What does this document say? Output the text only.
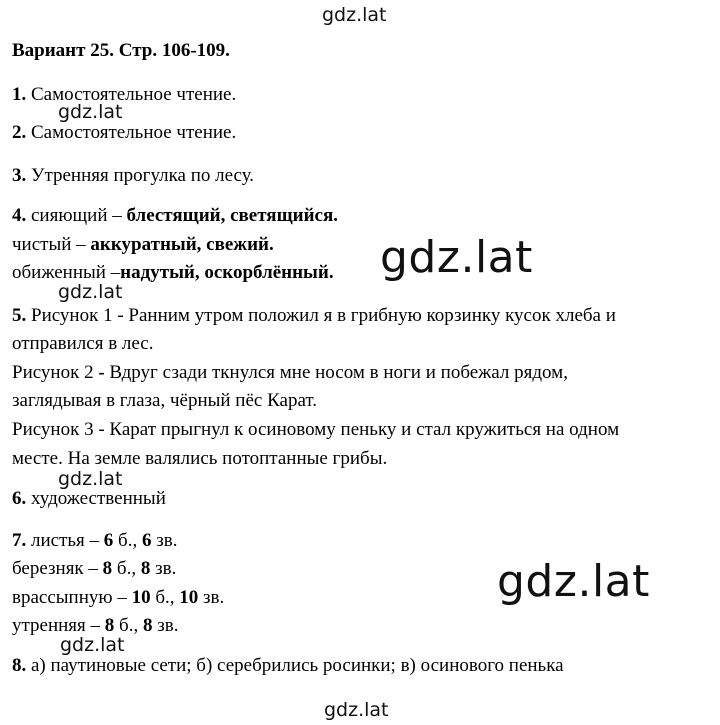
gdz.lat
Вариант 25. Стр. 106-109.
1. Самостоятельное чтение.
gdz.lat
2. Самостоятельное чтение.
3. Утренняя прогулка по лесу.
4. сияющий – блестящий, светящийся.
чистый – аккуратный, свежий.
обиженный –надутый, оскорблённый. gdz.lat
gdz.lat
5. Рисунок 1 - Ранним утром положил я в грибную корзинку кусок хлеба и
отправился в лес.
Рисунок 2 - Вдруг сзади ткнулся мне носом в ноги и побежал рядом,
заглядывая в глаза, чёрный пёс Карат.
Рисунок 3 - Карат прыгнул к осиновому пеньку и стал кружиться на одном
месте. На земле валялись потоптанные грибы.
gdz.lat
6. художественный
7. листья – 6 б., 6 зв.
березняк – 8 б., 8 зв.
врассыпную – 10 б., 10 зв.
утренняя – 8 б., 8 зв.
gdz.lat
gdz.lat
8. а) паутиновые сети; б) серебрились росинки; в) осинового пенька
gdz.lat
